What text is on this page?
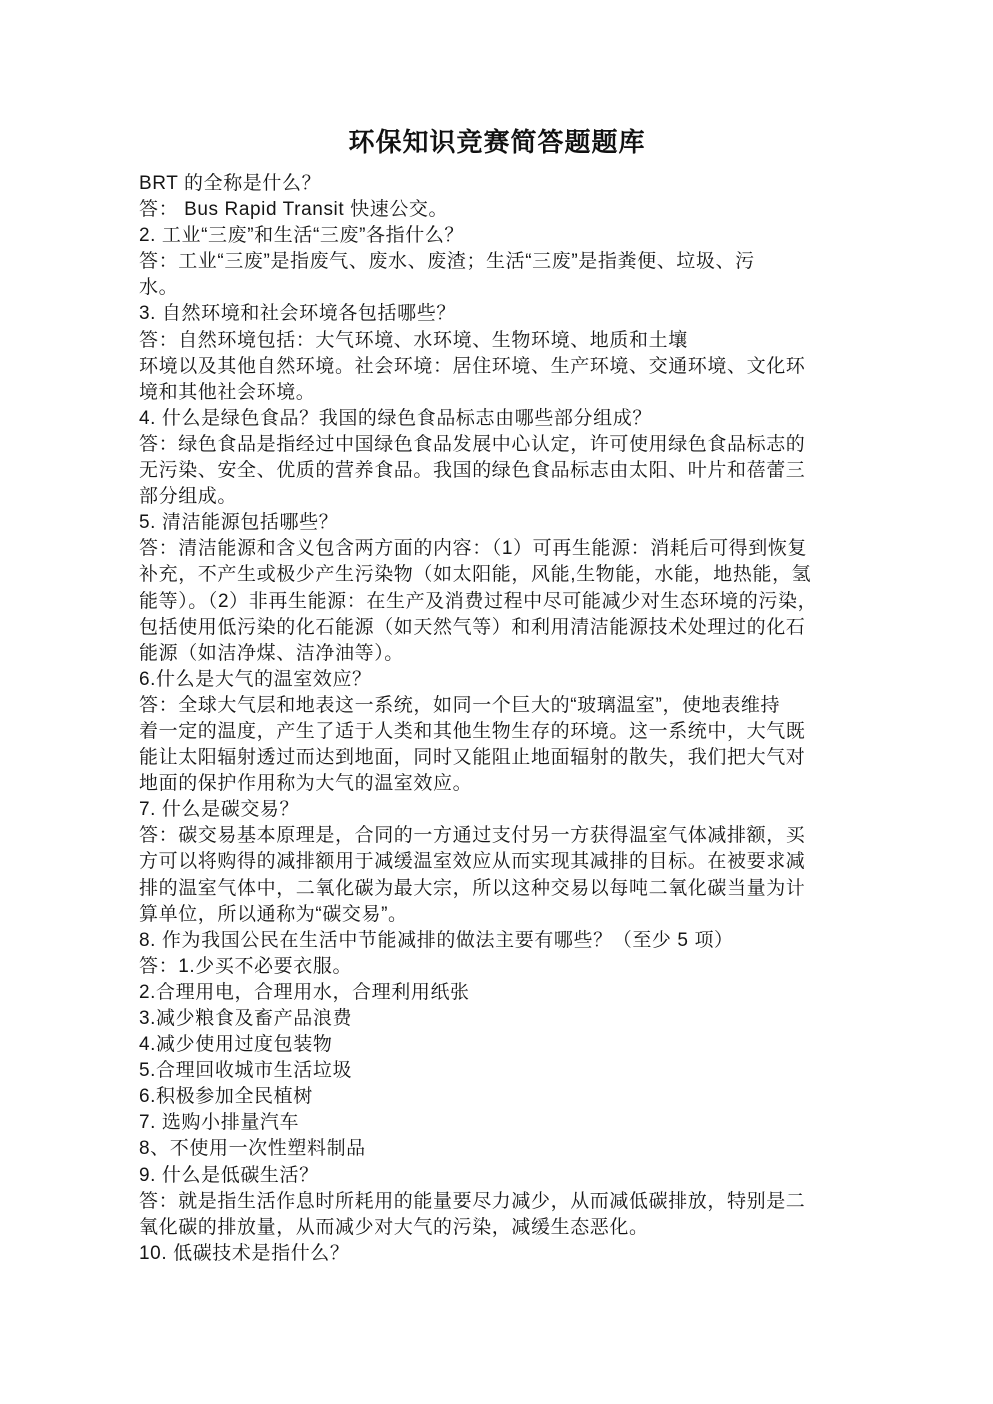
环保知识竞赛简答题题库
BRT 的全称是什么？
答： Bus Rapid Transit 快速公交。
2. 工业“三废”和生活“三废”各指什么？
答：工业“三废”是指废气、废水、废渣；生活“三废”是指粪便、垃圾、污
水。
3. 自然环境和社会环境各包括哪些？
答：自然环境包括：大气环境、水环境、生物环境、地质和土壤
环境以及其他自然环境。社会环境：居住环境、生产环境、交通环境、文化环
境和其他社会环境。
4. 什么是绿色食品？我国的绿色食品标志由哪些部分组成？
答：绿色食品是指经过中国绿色食品发展中心认定，许可使用绿色食品标志的
无污染、安全、优质的营养食品。我国的绿色食品标志由太阳、叶片和蓓蕾三
部分组成。
5. 清洁能源包括哪些？
答：清洁能源和含义包含两方面的内容：（1）可再生能源：消耗后可得到恢复
补充，不产生或极少产生污染物（如太阳能，风能,生物能，水能，地热能，氢
能等）。（2）非再生能源：在生产及消费过程中尽可能减少对生态环境的污染，
包括使用低污染的化石能源（如天然气等）和利用清洁能源技术处理过的化石
能源（如洁净煤、洁净油等）。
6.什么是大气的温室效应？
答：全球大气层和地表这一系统，如同一个巨大的“玻璃温室”，使地表维持
着一定的温度，产生了适于人类和其他生物生存的环境。这一系统中，大气既
能让太阳辐射透过而达到地面，同时又能阻止地面辐射的散失，我们把大气对
地面的保护作用称为大气的温室效应。
7. 什么是碳交易？
答：碳交易基本原理是，合同的一方通过支付另一方获得温室气体减排额，买
方可以将购得的减排额用于减缓温室效应从而实现其减排的目标。在被要求减
排的温室气体中，二氧化碳为最大宗，所以这种交易以每吨二氧化碳当量为计
算单位，所以通称为“碳交易”。
8. 作为我国公民在生活中节能减排的做法主要有哪些？（至少 5 项）
答：1.少买不必要衣服。
2.合理用电，合理用水，合理利用纸张
3.减少粮食及畜产品浪费
4.减少使用过度包装物
5.合理回收城市生活垃圾
6.积极参加全民植树
7. 选购小排量汽车
8、不使用一次性塑料制品
9. 什么是低碳生活？
答：就是指生活作息时所耗用的能量要尽力减少，从而减低碳排放，特别是二
氧化碳的排放量，从而减少对大气的污染，减缓生态恶化。
10. 低碳技术是指什么？
